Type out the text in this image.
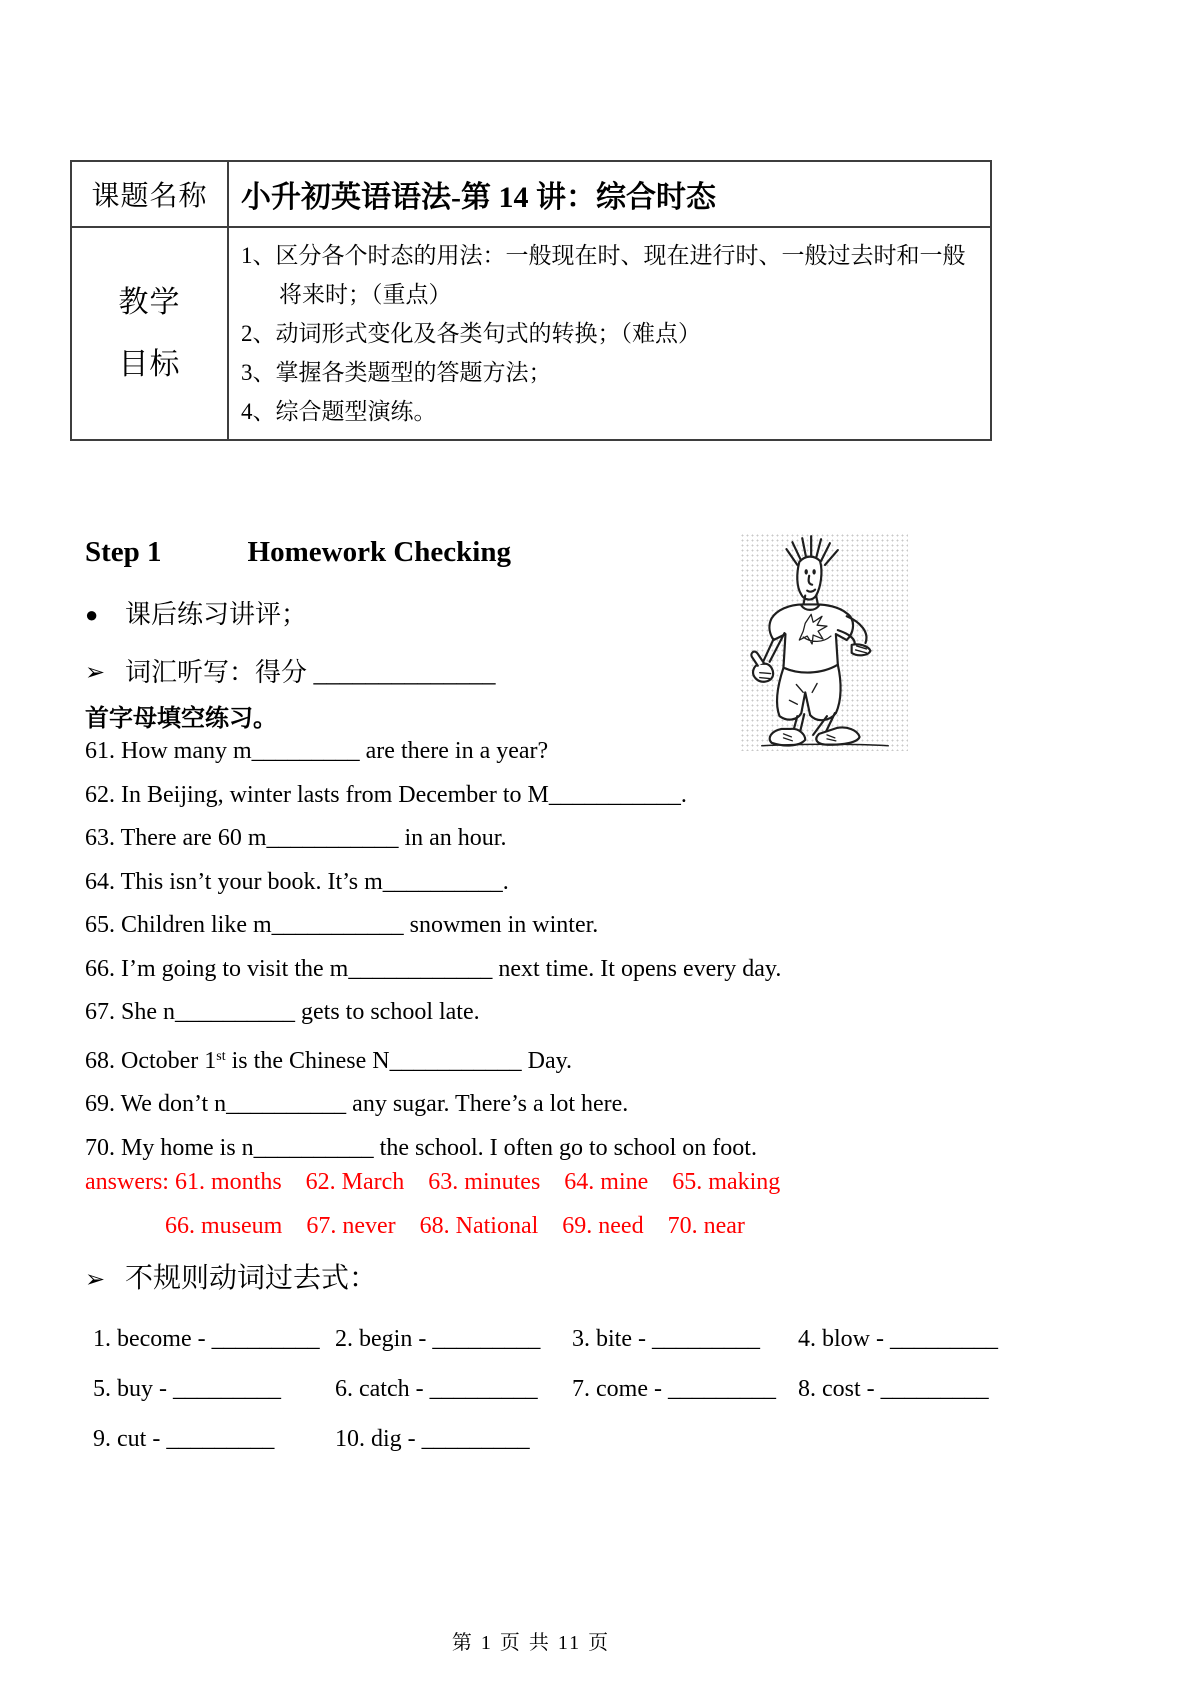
课题名称	小升初英语语法-第 14 讲：综合时态

教学
目标

1、区分各个时态的用法：一般现在时、现在进行时、一般过去时和一般将来时；（重点）
2、动词形式变化及各类句式的转换；（难点）
3、掌握各类题型的答题方法；
4、综合题型演练。
Step 1	Homework Checking
● 课后练习讲评；
➢ 词汇听写：得分 ______________
首字母填空练习。
61. How many m_________ are there in a year?
62. In Beijing, winter lasts from December to M___________.
63. There are 60 m___________ in an hour.
64. This isn’t your book. It’s m__________.
65. Children like m___________ snowmen in winter.
66. I’m going to visit the m____________ next time. It opens every day.
67. She n__________ gets to school late.
68. October 1st is the Chinese N___________ Day.
69. We don’t n__________ any sugar. There’s a lot here.
70. My home is n__________ the school. I often go to school on foot.
answers: 61. months    62. March    63. minutes    64. mine    65. making
66. museum    67. never    68. National    69. need    70. near
➢ 不规则动词过去式：
1. become - _________ 2. begin - _________	3. bite - _________	4. blow - _________
5. buy - _________	6. catch - _________	7. come - _________ 8. cost - _________
9. cut - _________	10. dig - _________
第 1 页 共 11 页
